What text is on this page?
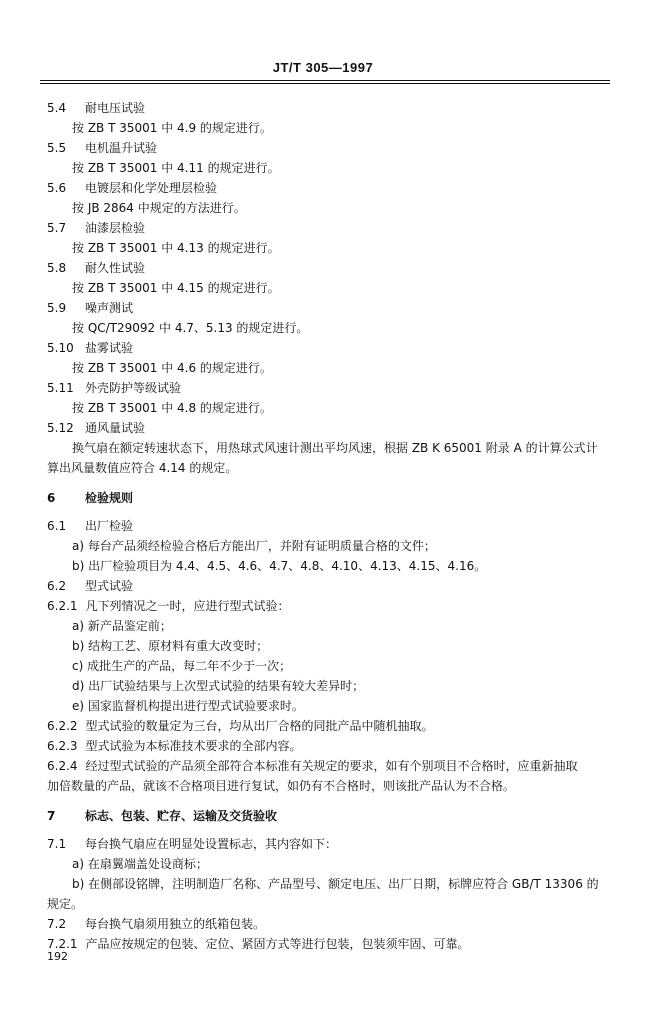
JT/T 305—1997
5.4 耐电压试验
按 ZB T 35001 中 4.9 的规定进行。
5.5 电机温升试验
按 ZB T 35001 中 4.11 的规定进行。
5.6 电镀层和化学处理层检验
按 JB 2864 中规定的方法进行。
5.7 油漆层检验
按 ZB T 35001 中 4.13 的规定进行。
5.8 耐久性试验
按 ZB T 35001 中 4.15 的规定进行。
5.9 噪声测试
按 QC/T29092 中 4.7、5.13 的规定进行。
5.10 盐雾试验
按 ZB T 35001 中 4.6 的规定进行。
5.11 外壳防护等级试验
按 ZB T 35001 中 4.8 的规定进行。
5.12 通风量试验
换气扇在额定转速状态下，用热球式风速计测出平均风速，根据 ZB K 65001 附录 A 的计算公式计
算出风量数值应符合 4.14 的规定。
6 检验规则
6.1 出厂检验
a) 每台产品须经检验合格后方能出厂，并附有证明质量合格的文件；
b) 出厂检验项目为 4.4、4.5、4.6、4.7、4.8、4.10、4.13、4.15、4.16。
6.2 型式试验
6.2.1 凡下列情况之一时，应进行型式试验：
a) 新产品鉴定前；
b) 结构工艺、原材料有重大改变时；
c) 成批生产的产品，每二年不少于一次；
d) 出厂试验结果与上次型式试验的结果有较大差异时；
e) 国家监督机构提出进行型式试验要求时。
6.2.2 型式试验的数量定为三台，均从出厂合格的同批产品中随机抽取。
6.2.3 型式试验为本标准技术要求的全部内容。
6.2.4 经过型式试验的产品须全部符合本标准有关规定的要求，如有个别项目不合格时，应重新抽取
加倍数量的产品，就该不合格项目进行复试，如仍有不合格时，则该批产品认为不合格。
7 标志、包装、贮存、运输及交货验收
7.1 每台换气扇应在明显处设置标志，其内容如下：
a) 在扇翼端盖处设商标；
b) 在侧部设铭牌，注明制造厂名称、产品型号、额定电压、出厂日期，标牌应符合 GB/T 13306 的
规定。
7.2 每台换气扇须用独立的纸箱包装。
7.2.1 产品应按规定的包装、定位、紧固方式等进行包装，包装须牢固、可靠。
192
